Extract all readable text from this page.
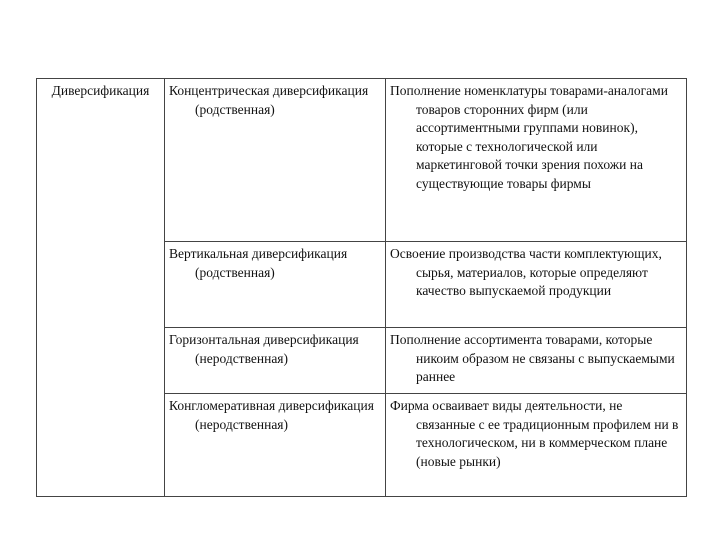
Диверсификация	Концентрическая диверсификация (родственная)	Пополнение номенклатуры товарами-аналогами товаров сторонних фирм (или ассортиментными группами новинок), которые с технологической или маркетинговой точки зрения похожи на существующие товары фирмы

	Вертикальная диверсификация (родственная)	Освоение производства части комплектующих, сырья, материалов, которые определяют качество выпускаемой продукции

	Горизонтальная диверсификация (неродственная)	Пополнение ассортимента товарами, которые никоим образом не связаны с выпускаемыми раннее

	Конгломеративная диверсификация (неродственная)	Фирма осваивает виды деятельности, не связанные с ее традиционным профилем ни в технологическом, ни в коммерческом плане (новые рынки)
